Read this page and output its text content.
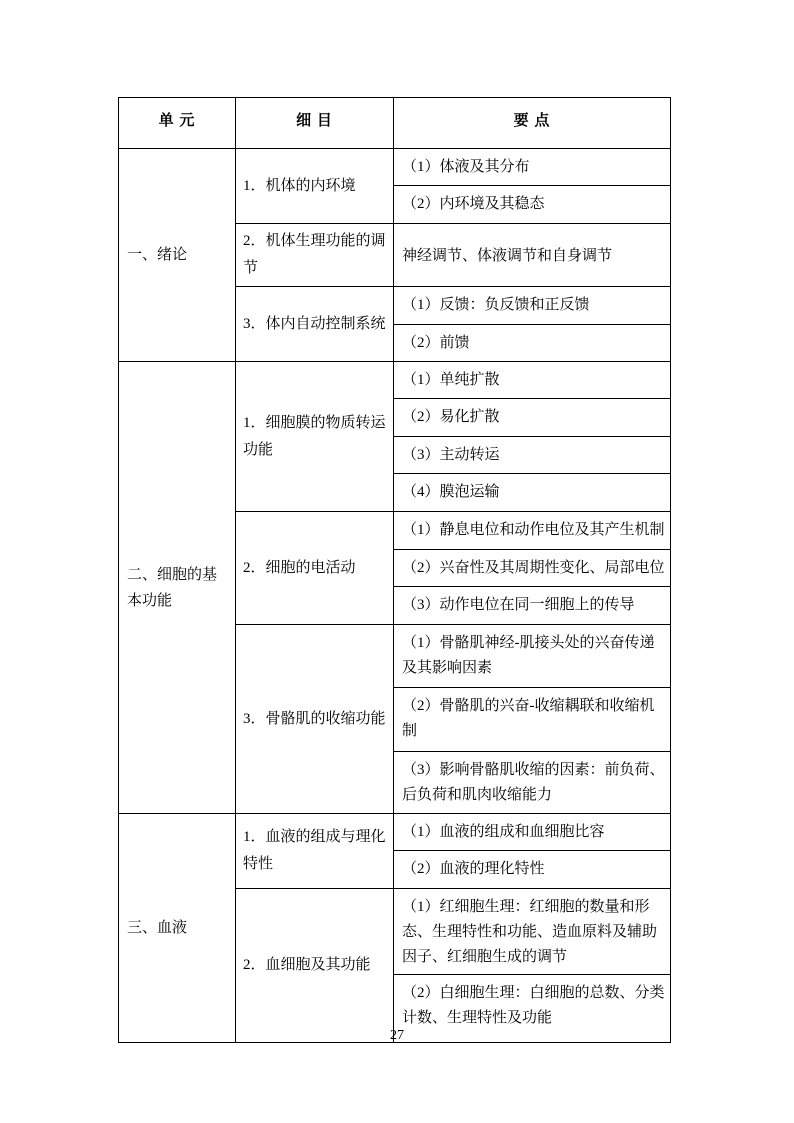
单 元	细 目	要 点
一、绪论	1．机体的内环境	（1）体液及其分布
		（2）内环境及其稳态
	2．机体生理功能的调节	神经调节、体液调节和自身调节
	3．体内自动控制系统	（1）反馈：负反馈和正反馈
		（2）前馈
二、细胞的基本功能	1．细胞膜的物质转运功能	（1）单纯扩散
		（2）易化扩散
		（3）主动转运
		（4）膜泡运输
	2．细胞的电活动	（1）静息电位和动作电位及其产生机制
		（2）兴奋性及其周期性变化、局部电位
		（3）动作电位在同一细胞上的传导
	3．骨骼肌的收缩功能	（1）骨骼肌神经-肌接头处的兴奋传递及其影响因素
		（2）骨骼肌的兴奋-收缩耦联和收缩机制
		（3）影响骨骼肌收缩的因素：前负荷、后负荷和肌肉收缩能力
三、血液	1．血液的组成与理化特性	（1）血液的组成和血细胞比容
		（2）血液的理化特性
	2．血细胞及其功能	（1）红细胞生理：红细胞的数量和形态、生理特性和功能、造血原料及辅助因子、红细胞生成的调节
		（2）白细胞生理：白细胞的总数、分类计数、生理特性及功能
27
